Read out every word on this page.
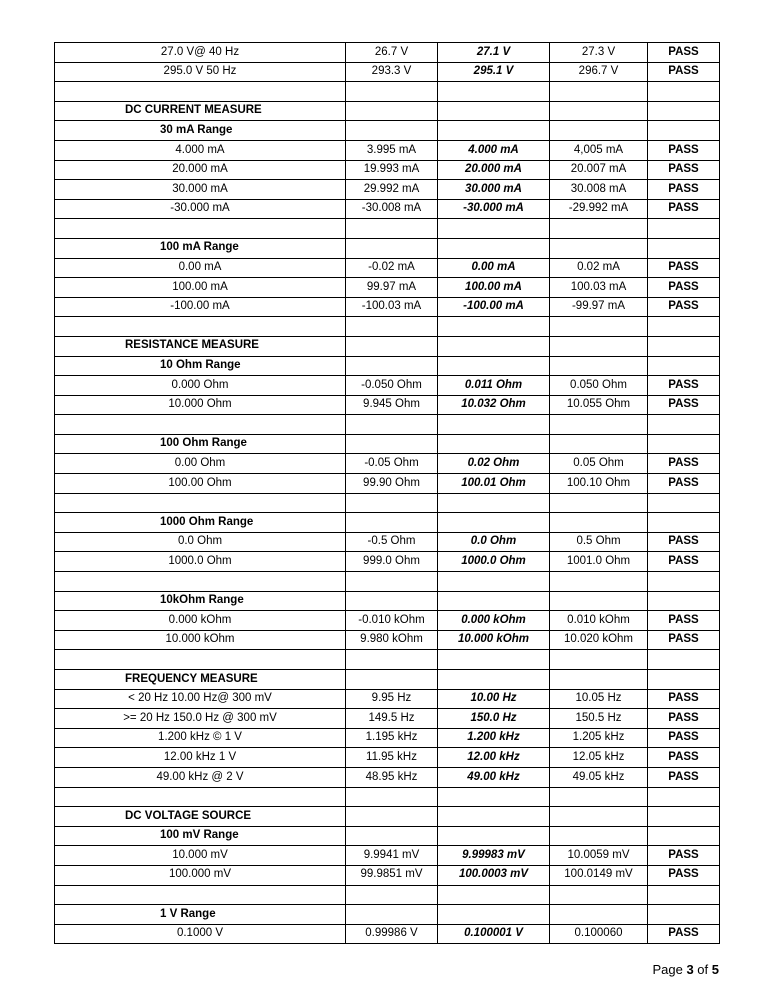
27.0 V@ 40 Hz	26.7 V	27.1 V	27.3 V	PASS
295.0 V 50 Hz	293.3 V	295.1 V	296.7 V	PASS

DC CURRENT MEASURE				
30 mA Range				
4.000 mA	3.995 mA	4.000 mA	4,005 mA	PASS
20.000 mA	19.993 mA	20.000 mA	20.007 mA	PASS
30.000 mA	29.992 mA	30.000 mA	30.008 mA	PASS
-30.000 mA	-30.008 mA	-30.000 mA	-29.992 mA	PASS

100 mA Range				
0.00 mA	-0.02 mA	0.00 mA	0.02 mA	PASS
100.00 mA	99.97 mA	100.00 mA	100.03 mA	PASS
-100.00 mA	-100.03 mA	-100.00 mA	-99.97 mA	PASS

RESISTANCE MEASURE				
10 Ohm Range				
0.000 Ohm	-0.050 Ohm	0.011 Ohm	0.050 Ohm	PASS
10.000 Ohm	9.945 Ohm	10.032 Ohm	10.055 Ohm	PASS

100 Ohm Range				
0.00 Ohm	-0.05 Ohm	0.02 Ohm	0.05 Ohm	PASS
100.00 Ohm	99.90 Ohm	100.01 Ohm	100.10 Ohm	PASS

1000 Ohm Range				
0.0 Ohm	-0.5 Ohm	0.0 Ohm	0.5 Ohm	PASS
1000.0 Ohm	999.0 Ohm	1000.0 Ohm	1001.0 Ohm	PASS

10kOhm Range				
0.000 kOhm	-0.010 kOhm	0.000 kOhm	0.010 kOhm	PASS
10.000 kOhm	9.980 kOhm	10.000 kOhm	10.020 kOhm	PASS

FREQUENCY MEASURE				
< 20 Hz 10.00 Hz@ 300 mV	9.95 Hz	10.00 Hz	10.05 Hz	PASS
>= 20 Hz 150.0 Hz @ 300 mV	149.5 Hz	150.0 Hz	150.5 Hz	PASS
1.200 kHz © 1 V	1.195 kHz	1.200 kHz	1.205 kHz	PASS
12.00 kHz 1 V	11.95 kHz	12.00 kHz	12.05 kHz	PASS
49.00 kHz @ 2 V	48.95 kHz	49.00 kHz	49.05 kHz	PASS

DC VOLTAGE SOURCE				
100 mV Range				
10.000 mV	9.9941 mV	9.99983 mV	10.0059 mV	PASS
100.000 mV	99.9851 mV	100.0003 mV	100.0149 mV	PASS

1 V Range				
0.1000 V	0.99986 V	0.100001 V	0.100060	PASS
Page 3 of 5
